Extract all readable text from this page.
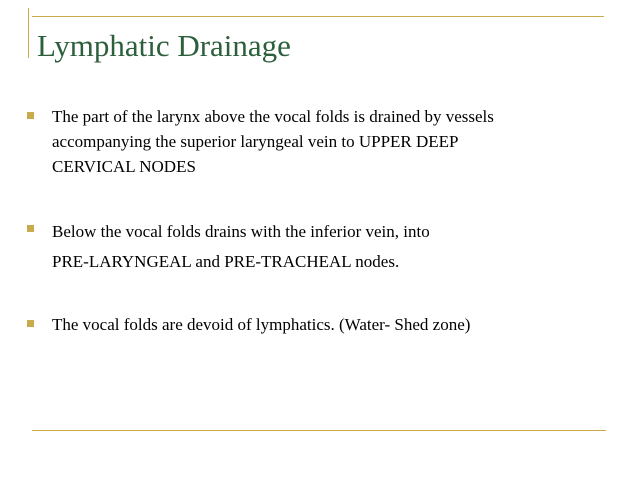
Lymphatic Drainage
The part of the larynx above the vocal folds is drained by vessels
accompanying the superior laryngeal vein to UPPER DEEP
CERVICAL NODES
Below the vocal folds drains with the inferior vein, into
PRE-LARYNGEAL and PRE-TRACHEAL nodes.
The vocal folds are devoid of lymphatics. (Water- Shed zone)
